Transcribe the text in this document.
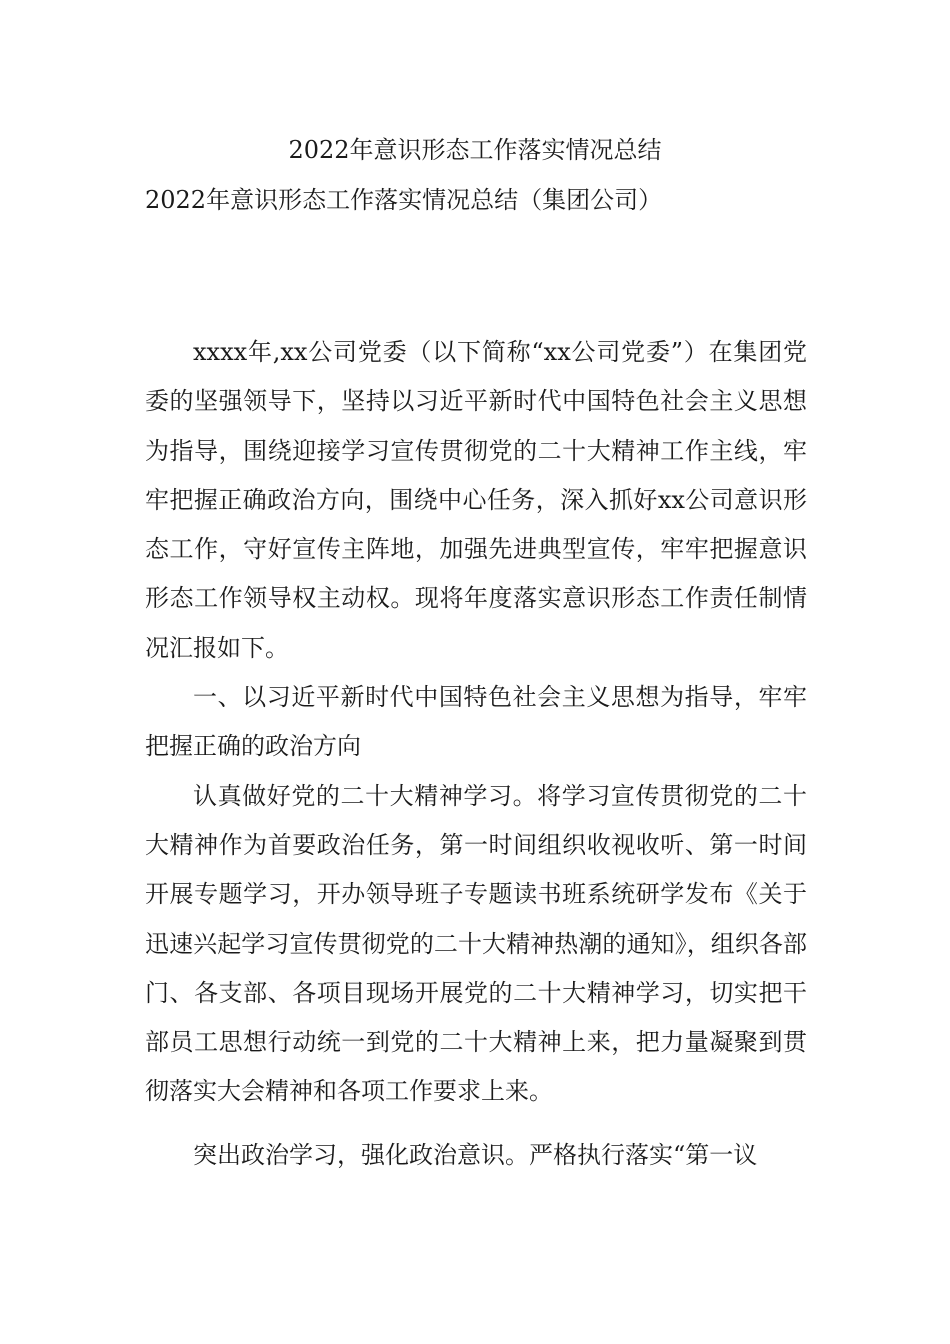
2022年意识形态工作落实情况总结
2022年意识形态工作落实情况总结（集团公司）

xxxx年,xx公司党委（以下简称“xx公司党委”）在集团党委的坚强领导下，坚持以习近平新时代中国特色社会主义思想为指导，围绕迎接学习宣传贯彻党的二十大精神工作主线，牢牢把握正确政治方向，围绕中心任务，深入抓好xx公司意识形态工作，守好宣传主阵地，加强先进典型宣传，牢牢把握意识形态工作领导权主动权。现将年度落实意识形态工作责任制情况汇报如下。

一、以习近平新时代中国特色社会主义思想为指导，牢牢把握正确的政治方向

认真做好党的二十大精神学习。将学习宣传贯彻党的二十大精神作为首要政治任务，第一时间组织收视收听、第一时间开展专题学习，开办领导班子专题读书班系统研学发布《关于迅速兴起学习宣传贯彻党的二十大精神热潮的通知》，组织各部门、各支部、各项目现场开展党的二十大精神学习，切实把干部员工思想行动统一到党的二十大精神上来，把力量凝聚到贯彻落实大会精神和各项工作要求上来。

突出政治学习，强化政治意识。严格执行落实“第一议
